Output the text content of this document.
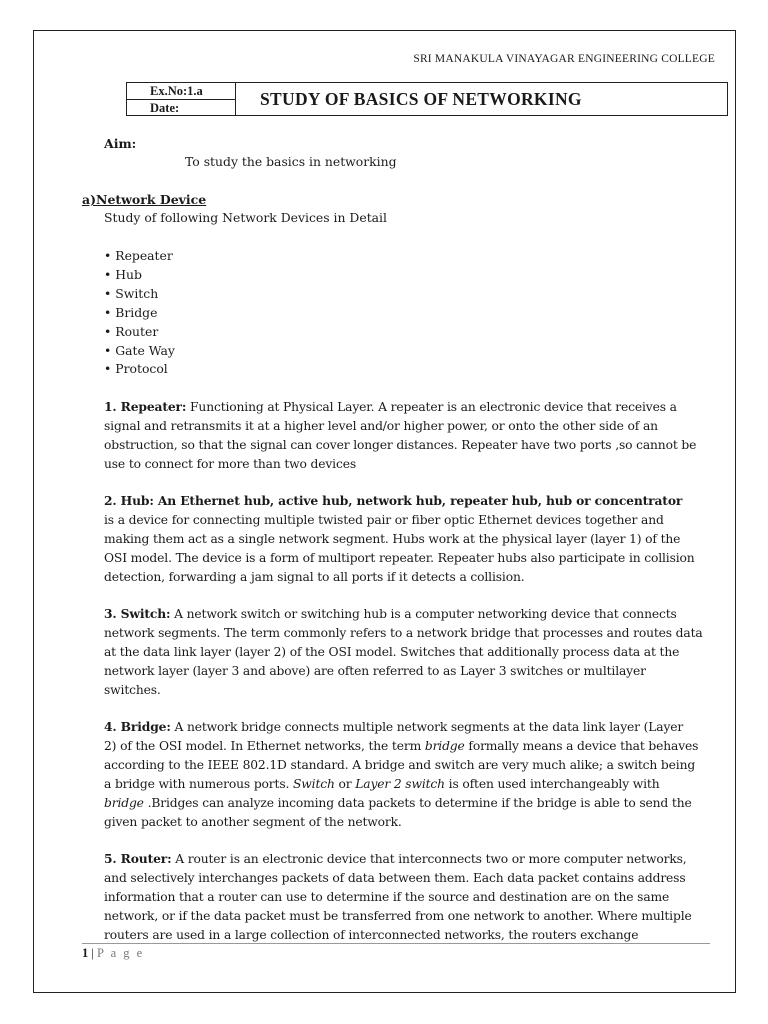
SRI MANAKULA VINAYAGAR ENGINEERING COLLEGE
Ex.No:1.a
Date:	STUDY OF BASICS OF NETWORKING
Aim:
To study the basics in networking
a)Network Device
Study of following Network Devices in Detail
• Repeater
• Hub
• Switch
• Bridge
• Router
• Gate Way
• Protocol
1. Repeater: Functioning at Physical Layer. A repeater is an electronic device that receives a
signal and retransmits it at a higher level and/or higher power, or onto the other side of an
obstruction, so that the signal can cover longer distances. Repeater have two ports ,so cannot be
use to connect for more than two devices
2. Hub: An Ethernet hub, active hub, network hub, repeater hub, hub or concentrator
is a device for connecting multiple twisted pair or fiber optic Ethernet devices together and
making them act as a single network segment. Hubs work at the physical layer (layer 1) of the
OSI model. The device is a form of multiport repeater. Repeater hubs also participate in collision
detection, forwarding a jam signal to all ports if it detects a collision.
3. Switch: A network switch or switching hub is a computer networking device that connects
network segments. The term commonly refers to a network bridge that processes and routes data
at the data link layer (layer 2) of the OSI model. Switches that additionally process data at the
network layer (layer 3 and above) are often referred to as Layer 3 switches or multilayer
switches.
4. Bridge: A network bridge connects multiple network segments at the data link layer (Layer
2) of the OSI model. In Ethernet networks, the term bridge formally means a device that behaves
according to the IEEE 802.1D standard. A bridge and switch are very much alike; a switch being
a bridge with numerous ports. Switch or Layer 2 switch is often used interchangeably with
bridge .Bridges can analyze incoming data packets to determine if the bridge is able to send the
given packet to another segment of the network.
5. Router: A router is an electronic device that interconnects two or more computer networks,
and selectively interchanges packets of data between them. Each data packet contains address
information that a router can use to determine if the source and destination are on the same
network, or if the data packet must be transferred from one network to another. Where multiple
routers are used in a large collection of interconnected networks, the routers exchange
1 | P a g e
